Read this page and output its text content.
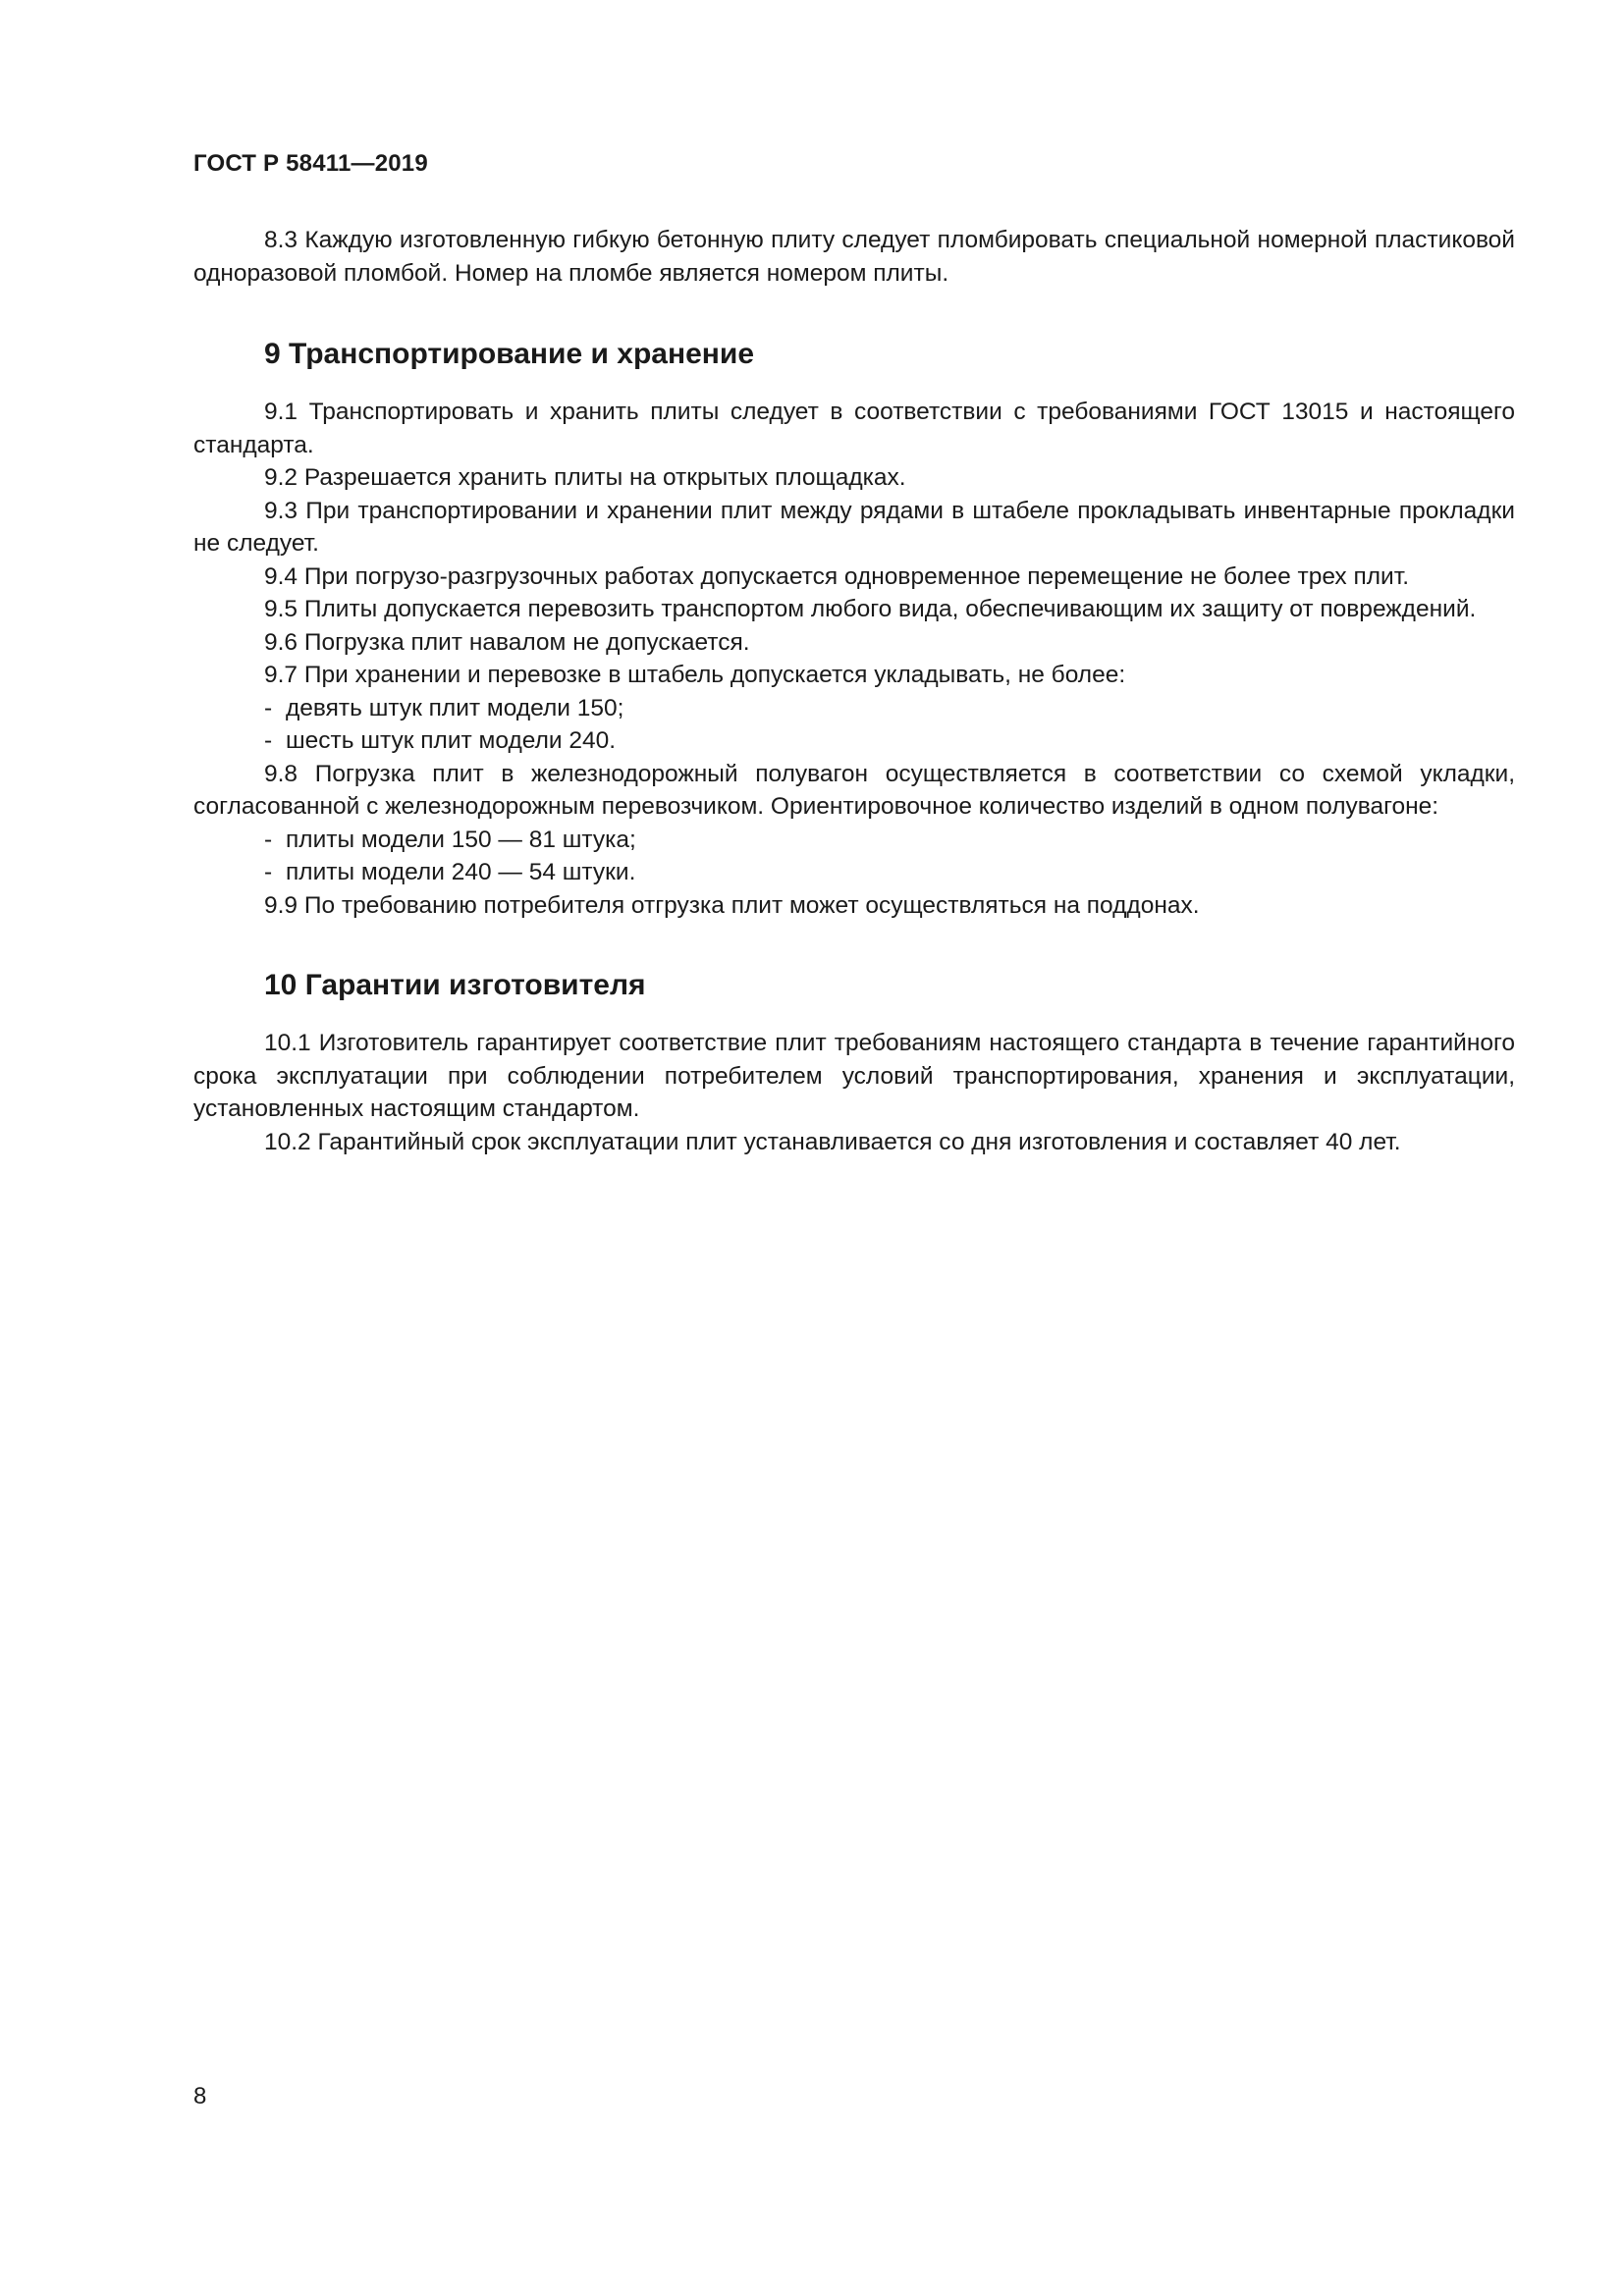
ГОСТ Р 58411—2019

8.3 Каждую изготовленную гибкую бетонную плиту следует пломбировать специальной номерной пластиковой одноразовой пломбой. Номер на пломбе является номером плиты.

9 Транспортирование и хранение

9.1 Транспортировать и хранить плиты следует в соответствии с требованиями ГОСТ 13015 и настоящего стандарта.

9.2 Разрешается хранить плиты на открытых площадках.

9.3 При транспортировании и хранении плит между рядами в штабеле прокладывать инвентарные прокладки не следует.

9.4 При погрузо-разгрузочных работах допускается одновременное перемещение не более трех плит.

9.5 Плиты допускается перевозить транспортом любого вида, обеспечивающим их защиту от повреждений.

9.6 Погрузка плит навалом не допускается.

9.7 При хранении и перевозке в штабель допускается укладывать, не более:

- девять штук плит модели 150;

- шесть штук плит модели 240.

9.8 Погрузка плит в железнодорожный полувагон осуществляется в соответствии со схемой укладки, согласованной с железнодорожным перевозчиком. Ориентировочное количество изделий в одном полувагоне:

- плиты модели 150 — 81 штука;

- плиты модели 240 — 54 штуки.

9.9 По требованию потребителя отгрузка плит может осуществляться на поддонах.

10 Гарантии изготовителя

10.1 Изготовитель гарантирует соответствие плит требованиям настоящего стандарта в течение гарантийного срока эксплуатации при соблюдении потребителем условий транспортирования, хранения и эксплуатации, установленных настоящим стандартом.

10.2 Гарантийный срок эксплуатации плит устанавливается со дня изготовления и составляет 40 лет.

8
